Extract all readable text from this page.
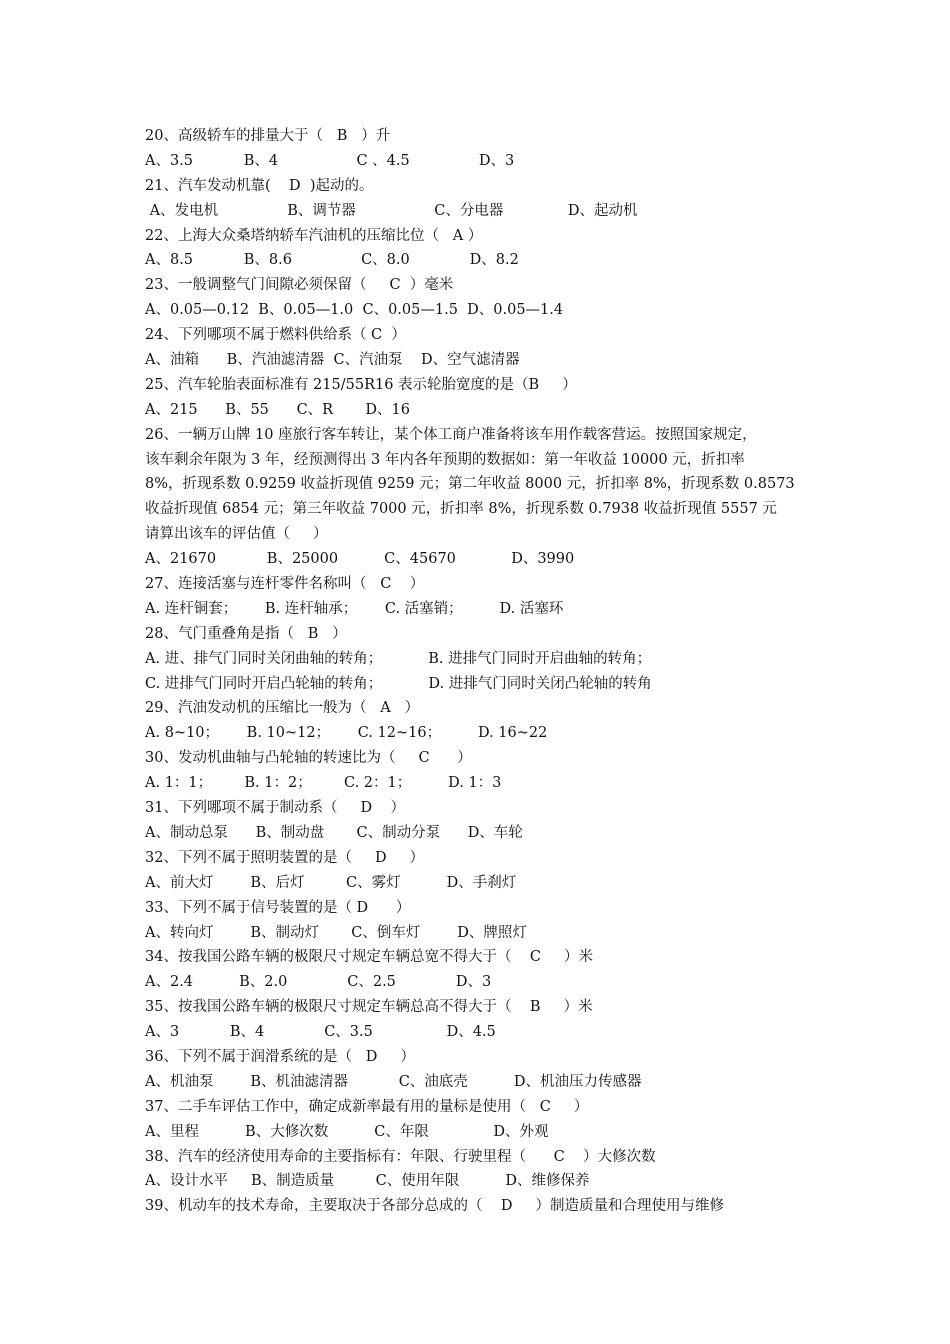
20、高级轿车的排量大于（   B   ）升
A、3.5           B、4                 C 、4.5               D、3
21、汽车发动机靠(    D  )起动的。
A、发电机               B、调节器                 C、分电器              D、起动机
22、上海大众桑塔纳轿车汽油机的压缩比位（   A ）
A、8.5           B、8.6               C、8.0             D、8.2
23、一般调整气门间隙必须保留（     C  ）毫米
A、0.05—0.12  B、0.05—1.0  C、0.05—1.5  D、0.05—1.4
24、下列哪项不属于燃料供给系（ C  ）
A、油箱      B、汽油滤清器  C、汽油泵    D、空气滤清器
25、汽车轮胎表面标准有 215/55R16 表示轮胎宽度的是（B     ）
A、215      B、55      C、R       D、16
26、一辆万山牌 10 座旅行客车转让，某个体工商户准备将该车用作载客营运。按照国家规定，
该车剩余年限为 3 年，经预测得出 3 年内各年预期的数据如：第一年收益 10000 元，折扣率
8%，折现系数 0.9259 收益折现值 9259 元；第二年收益 8000 元，折扣率 8%，折现系数 0.8573
收益折现值 6854 元；第三年收益 7000 元，折扣率 8%，折现系数 0.7938 收益折现值 5557 元
请算出该车的评估值（     ）
A、21670           B、25000          C、45670            D、3990
27、连接活塞与连杆零件名称叫（   C    ）
A. 连杆铜套；      B. 连杆轴承；      C. 活塞销；        D. 活塞环
28、气门重叠角是指（   B   ）
A. 进、排气门同时关闭曲轴的转角；          B. 进排气门同时开启曲轴的转角；
C. 进排气门同时开启凸轮轴的转角；          D. 进排气门同时关闭凸轮轴的转角
29、汽油发动机的压缩比一般为（   A   ）
A. 8~10；      B. 10~12；      C. 12~16；        D. 16~22
30、发动机曲轴与凸轮轴的转速比为（     C      ）
A. 1：1；       B. 1：2；       C. 2：1；        D. 1：3
31、下列哪项不属于制动系（     D    ）
A、制动总泵      B、制动盘       C、制动分泵      D、车轮
32、下列不属于照明装置的是（     D     ）
A、前大灯        B、后灯         C、雾灯          D、手刹灯
33、下列不属于信号装置的是（ D      ）
A、转向灯        B、制动灯       C、倒车灯        D、牌照灯
34、按我国公路车辆的极限尺寸规定车辆总宽不得大于（    C     ）米
A、2.4          B、2.0             C、2.5             D、3
35、按我国公路车辆的极限尺寸规定车辆总高不得大于（    B     ）米
A、3           B、4             C、3.5                D、4.5
36、下列不属于润滑系统的是（   D     ）
A、机油泵        B、机油滤清器           C、油底壳          D、机油压力传感器
37、二手车评估工作中，确定成新率最有用的量标是使用（   C     ）
A、里程          B、大修次数          C、年限              D、外观
38、汽车的经济使用寿命的主要指标有：年限、行驶里程（      C    ）大修次数
A、设计水平     B、制造质量         C、使用年限          D、维修保养
39、机动车的技术寿命，主要取决于各部分总成的（    D     ）制造质量和合理使用与维修
